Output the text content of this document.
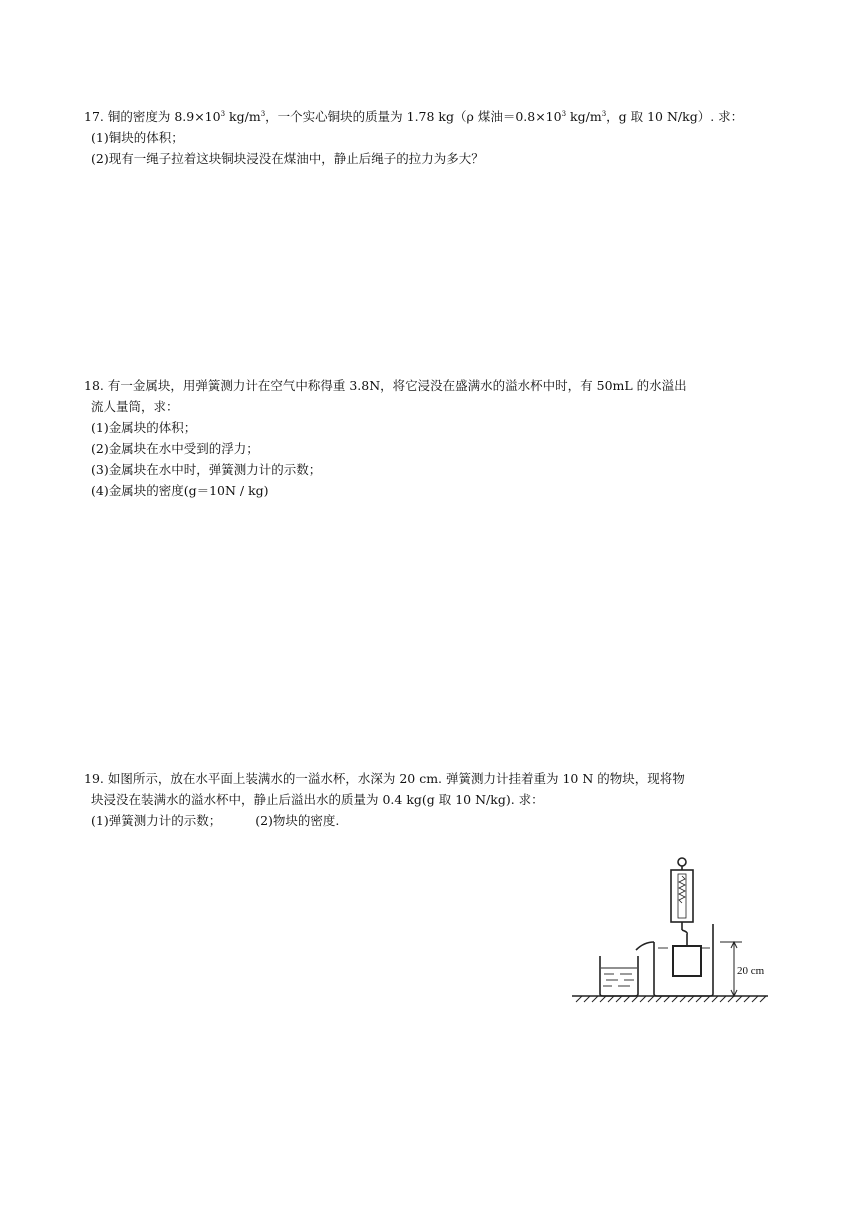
17. 铜的密度为 $8.9\times 10^3$ $kg/m^3$，一个实心铜块的质量为 1.78 kg（ρ 煤油$=0.8\times 10^3$ $kg/m^3$，g 取 10 N/kg）. 求：

(1)铜块的体积；

(2)现有一绳子拉着这块铜块浸没在煤油中，静止后绳子的拉力为多大？

18. 有一金属块，用弹簧测力计在空气中称得重 3.8N，将它浸没在盛满水的溢水杯中时，有 50mL 的水溢出

流人量筒，求：

(1)金属块的体积；

(2)金属块在水中受到的浮力；

(3)金属块在水中时，弹簧测力计的示数；

(4)金属块的密度(g＝10N / kg)

19. 如图所示，放在水平面上装满水的一溢水杯，水深为 20 cm. 弹簧测力计挂着重为 10 N 的物块，现将物

块浸没在装满水的溢水杯中，静止后溢出水的质量为 0.4 kg(g 取 10 N/kg). 求：

(1)弹簧测力计的示数；	(2)物块的密度.

20 cm
